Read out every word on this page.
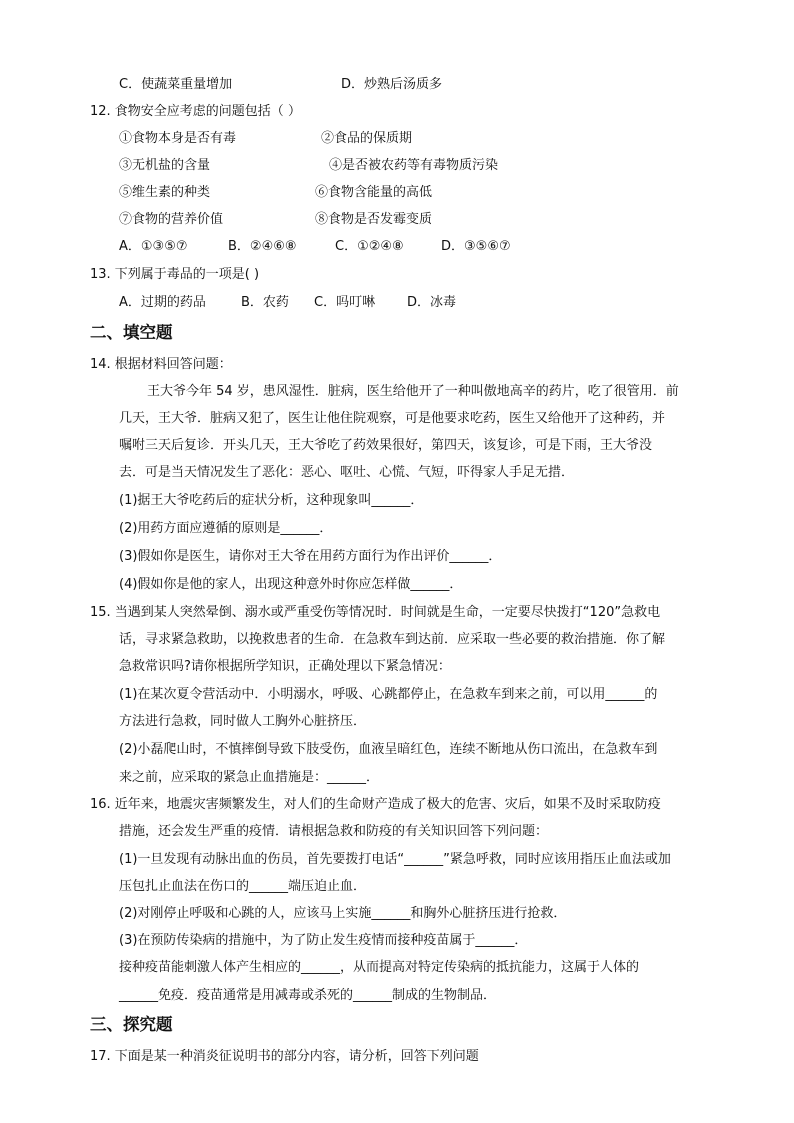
C．使蔬菜重量增加	D．炒熟后汤质多
12. 食物安全应考虑的问题包括（ ）
①食物本身是否有毒	②食品的保质期
③无机盐的含量	④是否被农药等有毒物质污染
⑤维生素的种类	⑥食物含能量的高低
⑦食物的营养价值	⑧食物是否发霉变质
A．①③⑤⑦	B．②④⑥⑧	C．①②④⑧	D．③⑤⑥⑦
13. 下列属于毒品的一项是( )
A．过期的药品	B．农药 C．吗叮啉 D．冰毒
二、填空题
14. 根据材料回答问题：
王大爷今年 54 岁，患风湿性．脏病，医生给他开了一种叫傲地高辛的药片，吃了很管用．前
几天，王大爷．脏病又犯了，医生让他住院观察，可是他要求吃药，医生又给他开了这种药，并
嘱咐三天后复诊．开头几天，王大爷吃了药效果很好，第四天，该复诊，可是下雨，王大爷没
去．可是当天情况发生了恶化：恶心、呕吐、心慌、气短，吓得家人手足无措．
(1)据王大爷吃药后的症状分析，这种现象叫______．
(2)用药方面应遵循的原则是______．
(3)假如你是医生，请你对王大爷在用药方面行为作出评价______．
(4)假如你是他的家人，出现这种意外时你应怎样做______．
15. 当遇到某人突然晕倒、溺水或严重受伤等情况时．时间就是生命，一定要尽快拨打“120”急救电
话，寻求紧急救助，以挽救患者的生命．在急救车到达前．应采取一些必要的救治措施．你了解
急救常识吗?请你根据所学知识，正确处理以下紧急情况：
(1)在某次夏令营活动中．小明溺水，呼吸、心跳都停止，在急救车到来之前，可以用______的
方法进行急救，同时做人工胸外心脏挤压．
(2)小磊爬山时，不慎摔倒导致下肢受伤，血液呈暗红色，连续不断地从伤口流出，在急救车到
来之前，应采取的紧急止血措施是：______．
16. 近年来，地震灾害频繁发生，对人们的生命财产造成了极大的危害、灾后，如果不及时采取防疫
措施，还会发生严重的疫情．请根据急救和防疫的有关知识回答下列问题：
(1)一旦发现有动脉出血的伤员，首先要拨打电话“______”紧急呼救，同时应该用指压止血法或加
压包扎止血法在伤口的______端压迫止血．
(2)对刚停止呼吸和心跳的人，应该马上实施______和胸外心脏挤压进行抢救．
(3)在预防传染病的措施中，为了防止发生疫情而接种疫苗属于______．
接种疫苗能刺激人体产生相应的______，从而提高对特定传染病的抵抗能力，这属于人体的
______免疫．疫苗通常是用减毒或杀死的______制成的生物制品．
三、探究题
17. 下面是某一种消炎征说明书的部分内容，请分析，回答下列问题
